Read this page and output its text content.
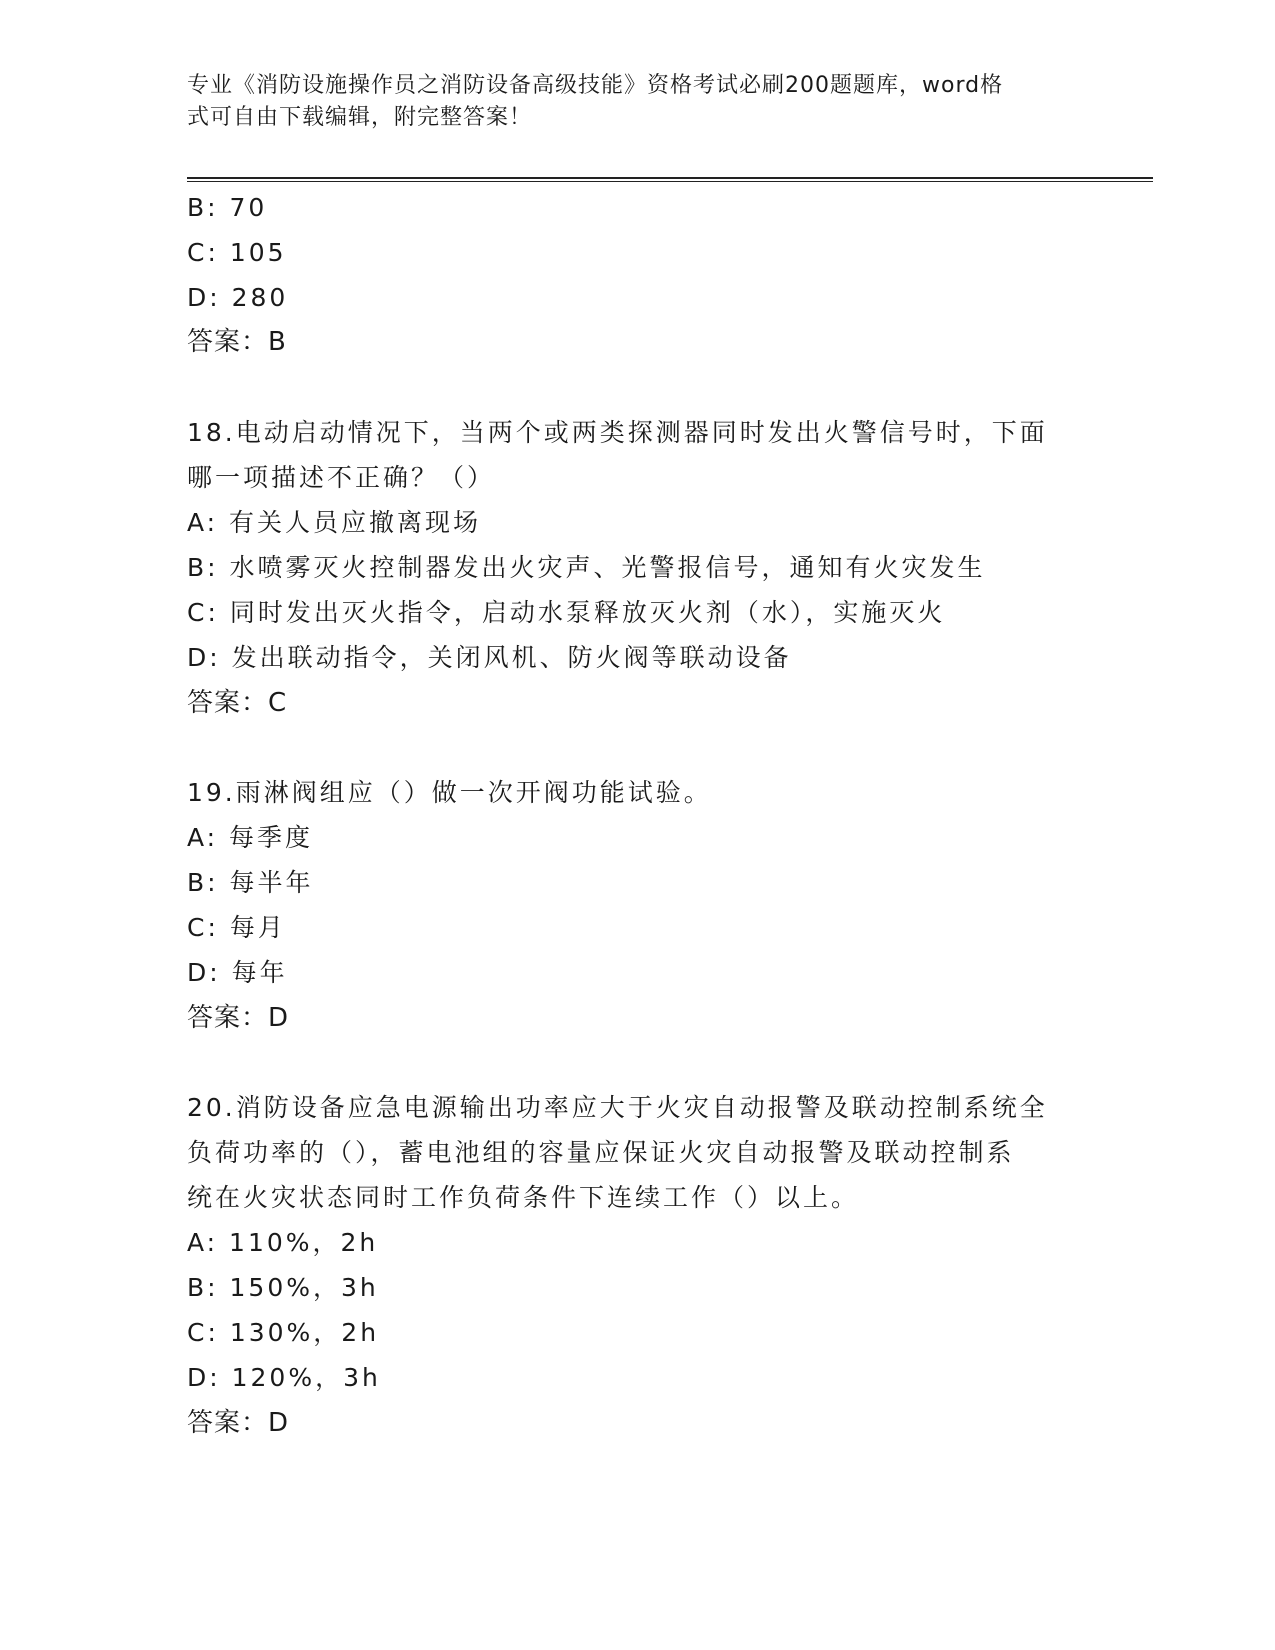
专业《消防设施操作员之消防设备高级技能》资格考试必刷200题题库，word格
式可自由下载编辑，附完整答案！
B: 70
C: 105
D: 280
答案：B
18.电动启动情况下，当两个或两类探测器同时发出火警信号时，下面
哪一项描述不正确？（）
A: 有关人员应撤离现场
B: 水喷雾灭火控制器发出火灾声、光警报信号，通知有火灾发生
C: 同时发出灭火指令，启动水泵释放灭火剂（水），实施灭火
D: 发出联动指令，关闭风机、防火阀等联动设备
答案：C
19.雨淋阀组应（）做一次开阀功能试验。
A: 每季度
B: 每半年
C: 每月
D: 每年
答案：D
20.消防设备应急电源输出功率应大于火灾自动报警及联动控制系统全
负荷功率的（），蓄电池组的容量应保证火灾自动报警及联动控制系
统在火灾状态同时工作负荷条件下连续工作（）以上。
A: 110%，2h
B: 150%，3h
C: 130%，2h
D: 120%，3h
答案：D
